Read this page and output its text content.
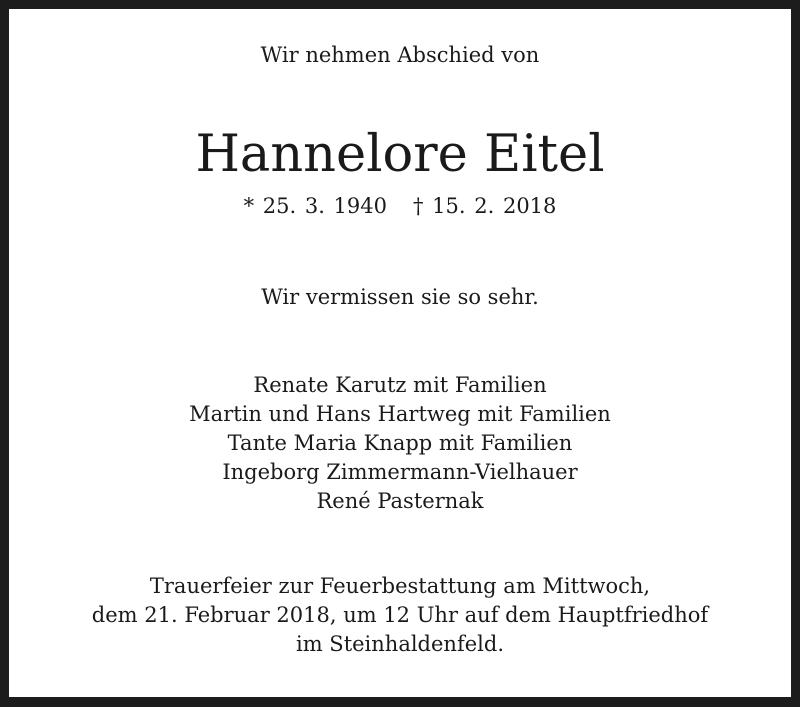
Wir nehmen Abschied von
Hannelore Eitel
* 25. 3. 1940 † 15. 2. 2018
Wir vermissen sie so sehr.
Renate Karutz mit Familien
Martin und Hans Hartweg mit Familien
Tante Maria Knapp mit Familien
Ingeborg Zimmermann-Vielhauer
René Pasternak
Trauerfeier zur Feuerbestattung am Mittwoch,
dem 21. Februar 2018, um 12 Uhr auf dem Hauptfriedhof
im Steinhaldenfeld.
